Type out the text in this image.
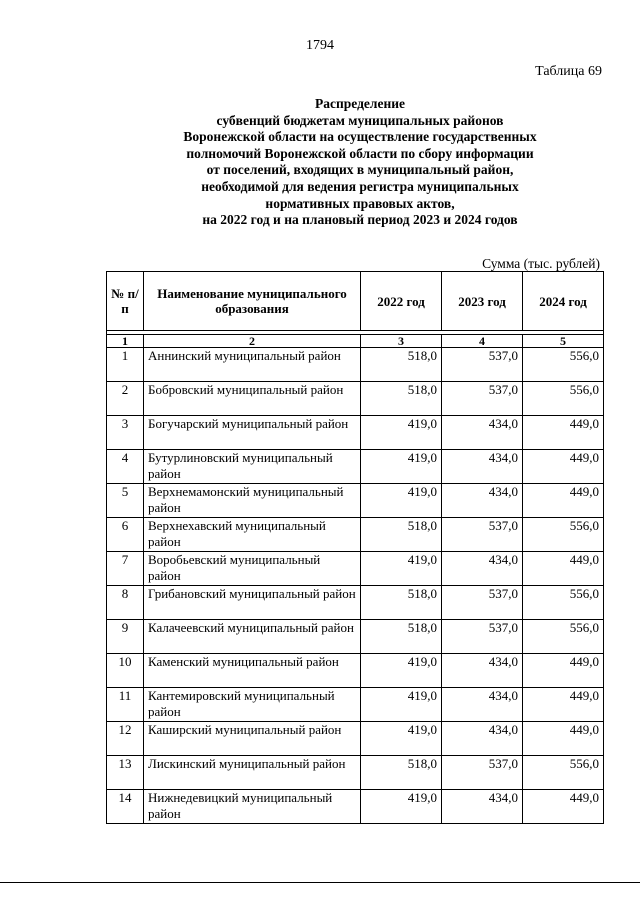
1794
Таблица 69
Распределение
субвенций бюджетам муниципальных районов
Воронежской области на осуществление государственных
полномочий Воронежской области по сбору информации
от поселений, входящих в муниципальный район,
необходимой для ведения регистра муниципальных
нормативных правовых актов,
на 2022 год и на плановый период 2023 и 2024 годов
Сумма (тыс. рублей)
№ п/п	Наименование муниципального образования	2022 год	2023 год	2024 год

1	2	3	4	5
1	Аннинский муниципальный район	518,0	537,0	556,0
2	Бобровский муниципальный район	518,0	537,0	556,0
3	Богучарский муниципальный район	419,0	434,0	449,0
4	Бутурлиновский муниципальный район	419,0	434,0	449,0
5	Верхнемамонский муниципальный район	419,0	434,0	449,0
6	Верхнехавский муниципальный район	518,0	537,0	556,0
7	Воробьевский муниципальный район	419,0	434,0	449,0
8	Грибановский муниципальный район	518,0	537,0	556,0
9	Калачеевский муниципальный район	518,0	537,0	556,0
10	Каменский муниципальный район	419,0	434,0	449,0
11	Кантемировский муниципальный район	419,0	434,0	449,0
12	Каширский муниципальный район	419,0	434,0	449,0
13	Лискинский муниципальный район	518,0	537,0	556,0
14	Нижнедевицкий муниципальный район	419,0	434,0	449,0
